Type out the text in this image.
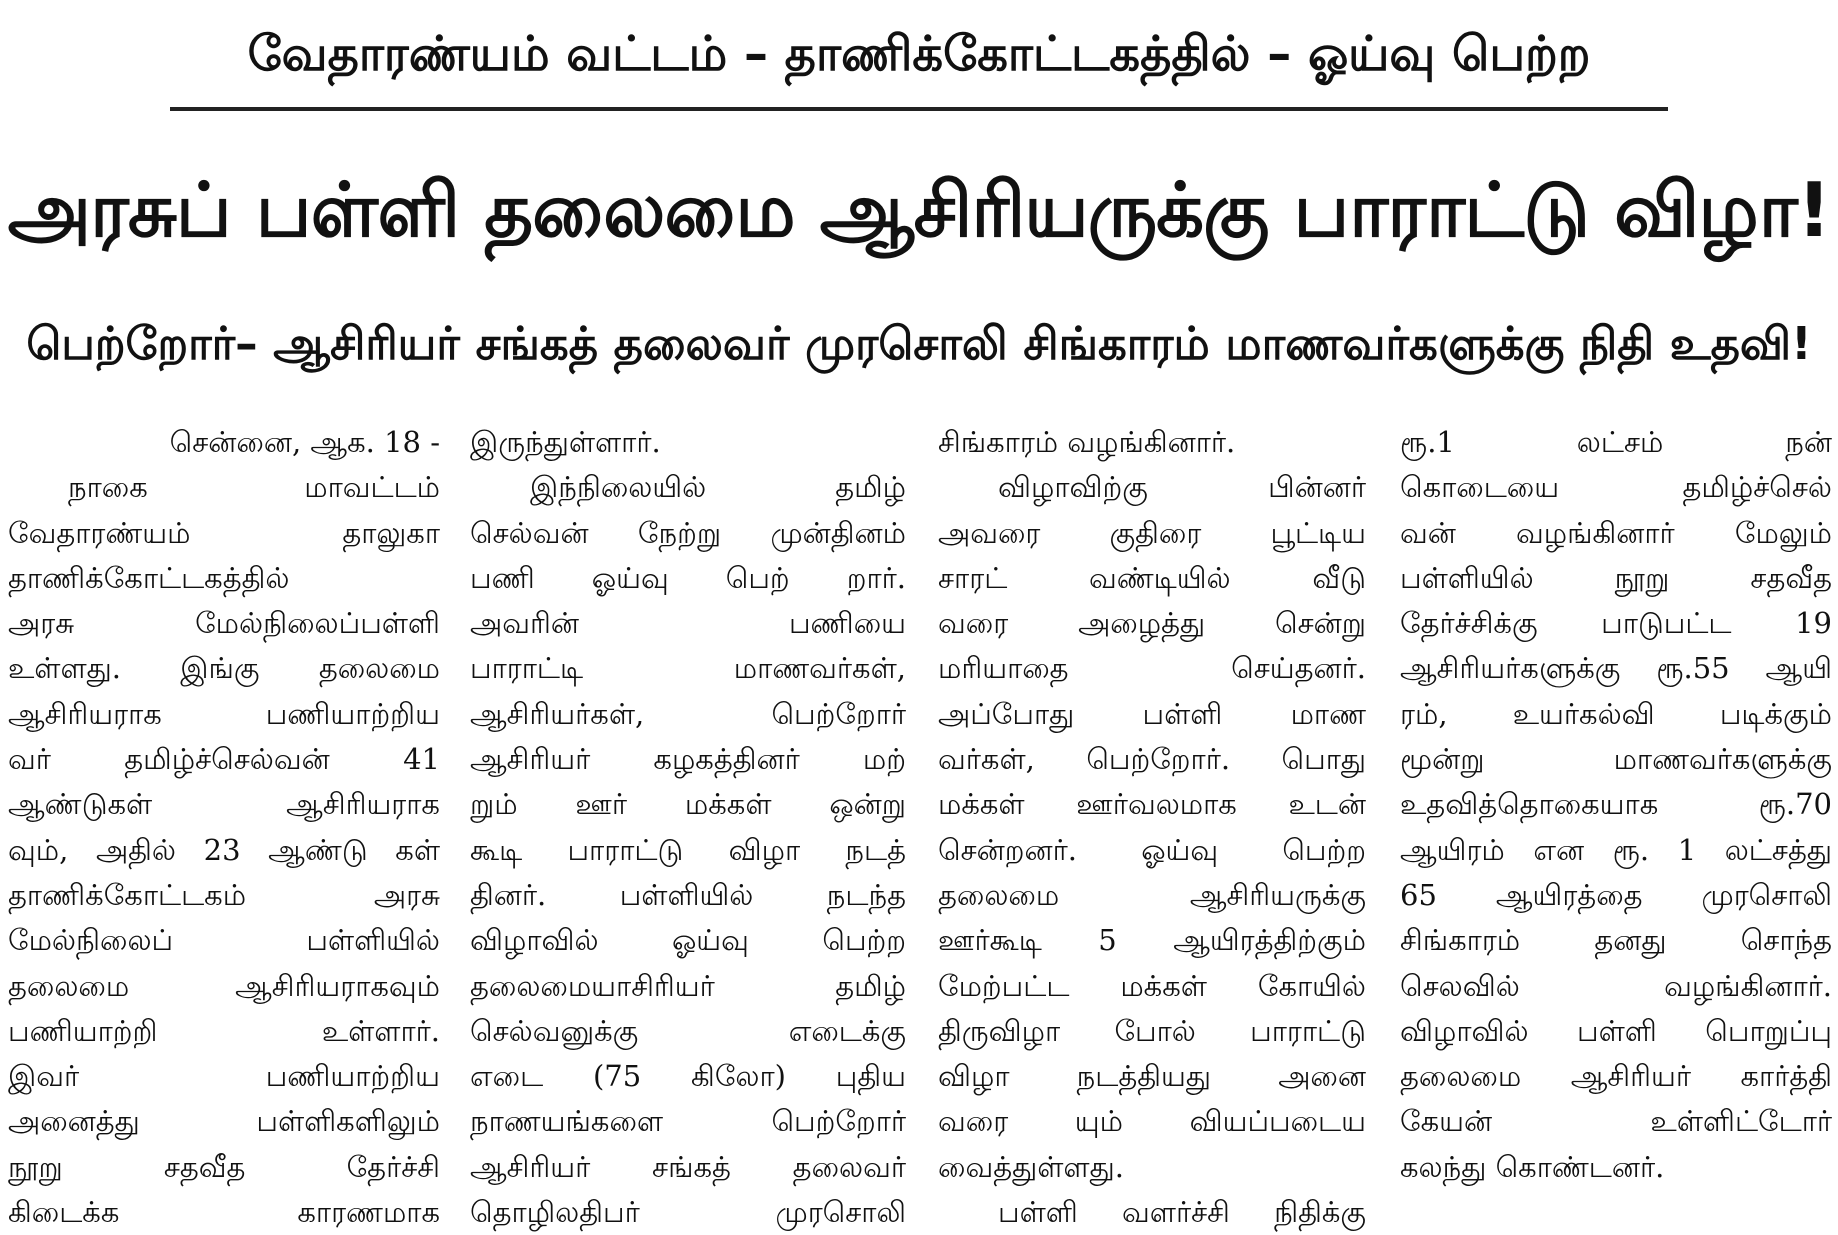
வேதாரண்யம் வட்டம் – தாணிக்கோட்டகத்தில் – ஓய்வு பெற்ற
அரசுப் பள்ளி தலைமை ஆசிரியருக்கு பாராட்டு விழா!
பெற்றோர்– ஆசிரியர் சங்கத் தலைவர் முரசொலி சிங்காரம் மாணவர்களுக்கு நிதி உதவி!
சென்னை, ஆக. 18 -
நாகை மாவட்டம்
வேதாரண்யம் தாலுகா
தாணிக்கோட்டகத்தில்
அரசு மேல்நிலைப்பள்ளி
உள்ளது. இங்கு தலைமை
ஆசிரியராக பணியாற்றிய
வர் தமிழ்ச்செல்வன் 41
ஆண்டுகள் ஆசிரியராக
வும், அதில் 23 ஆண்டு கள்
தாணிக்கோட்டகம் அரசு
மேல்நிலைப் பள்ளியில்
தலைமை ஆசிரியராகவும்
பணியாற்றி உள்ளார்.
இவர் பணியாற்றிய
அனைத்து பள்ளிகளிலும்
நூறு சதவீத தேர்ச்சி
கிடைக்க காரணமாக
இருந்துள்ளார்.
இந்நிலையில் தமிழ்
செல்வன் நேற்று முன்தினம்
பணி ஓய்வு பெற் றார்.
அவரின் பணியை
பாராட்டி மாணவர்கள்,
ஆசிரியர்கள், பெற்றோர்
ஆசிரியர் கழகத்தினர் மற்
றும் ஊர் மக்கள் ஒன்று
கூடி பாராட்டு விழா நடத்
தினர். பள்ளியில் நடந்த
விழாவில் ஓய்வு பெற்ற
தலைமையாசிரியர் தமிழ்
செல்வனுக்கு எடைக்கு
எடை (75 கிலோ) புதிய
நாணயங்களை பெற்றோர்
ஆசிரியர் சங்கத் தலைவர்
தொழிலதிபர் முரசொலி
சிங்காரம் வழங்கினார்.
விழாவிற்கு பின்னர்
அவரை குதிரை பூட்டிய
சாரட் வண்டியில் வீடு
வரை அழைத்து சென்று
மரியாதை செய்தனர்.
அப்போது பள்ளி மாண
வர்கள், பெற்றோர். பொது
மக்கள் ஊர்வலமாக உடன்
சென்றனர். ஓய்வு பெற்ற
தலைமை ஆசிரியருக்கு
ஊர்கூடி 5 ஆயிரத்திற்கும்
மேற்பட்ட மக்கள் கோயில்
திருவிழா போல் பாராட்டு
விழா நடத்தியது அனை
வரை யும் வியப்படைய
வைத்துள்ளது.
பள்ளி வளர்ச்சி நிதிக்கு
ரூ.1 லட்சம் நன்
கொடையை தமிழ்ச்செல்
வன் வழங்கினார் மேலும்
பள்ளியில் நூறு சதவீத
தேர்ச்சிக்கு பாடுபட்ட 19
ஆசிரியர்களுக்கு ரூ.55 ஆயி
ரம், உயர்கல்வி படிக்கும்
மூன்று மாணவர்களுக்கு
உதவித்தொகையாக ரூ.70
ஆயிரம் என ரூ. 1 லட்சத்து
65 ஆயிரத்தை முரசொலி
சிங்காரம் தனது சொந்த
செலவில் வழங்கினார்.
விழாவில் பள்ளி பொறுப்பு
தலைமை ஆசிரியர் கார்த்தி
கேயன் உள்ளிட்டோர்
கலந்து கொண்டனர்.
